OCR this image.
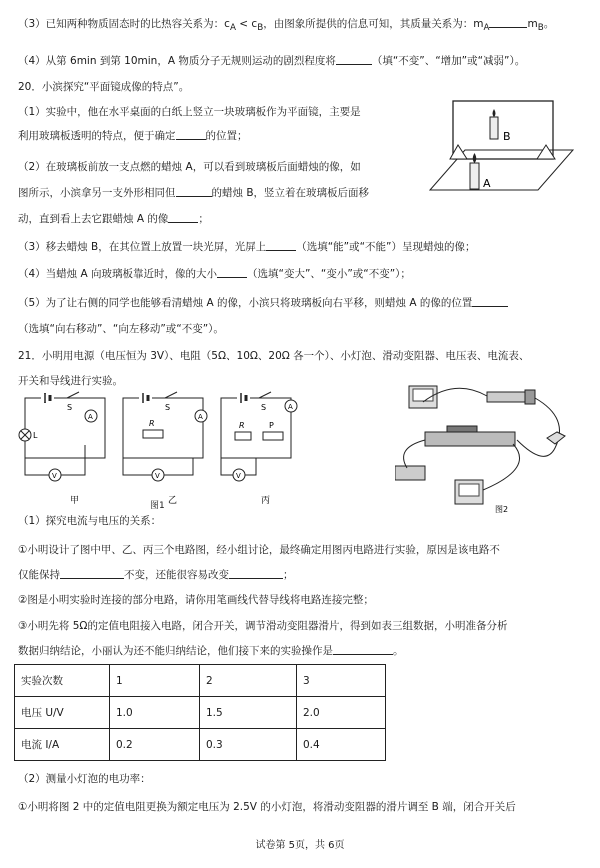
（3）已知两种物质固态时的比热容关系为：$c_A < c_B$，由图象所提供的信息可知，其质量关系为：$m_A$	$m_B$。
（4）从第 6min 到第 10min，A 物质分子无规则运动的剧烈程度将	（填“不变”、“增加”或“减弱”）。
20．小滨探究“平面镜成像的特点”。
（1）实验中，他在水平桌面的白纸上竖立一块玻璃板作为平面镜，主要是
利用玻璃板透明的特点，便于确定	的位置；
（2）在玻璃板前放一支点燃的蜡烛 A，可以看到玻璃板后面蜡烛的像，如
图所示，小滨拿另一支外形相同但	的蜡烛 B，竖立着在玻璃板后面移
动，直到看上去它跟蜡烛 A 的像	；
（3）移去蜡烛 B，在其位置上放置一块光屏，光屏上	（选填“能”或“不能”）呈现蜡烛的像；
（4）当蜡烛 A 向玻璃板靠近时，像的大小	（选填“变大”、“变小”或“不变”）；
（5）为了让右侧的同学也能够看清蜡烛 A 的像，小滨只将玻璃板向右平移，则蜡烛 A 的像的位置
（选填“向右移动”、“向左移动”或“不变”）。
21．小明用电源（电压恒为 3V）、电阻（5Ω、10Ω、20Ω 各一个）、小灯泡、滑动变阻器、电压表、电流表、
开关和导线进行实验。
B
A
S
A
L
V
S
A
R
V
S	A
R	P
V
甲	乙	丙
图1	图2
（1）探究电流与电压的关系：
①小明设计了图中甲、乙、丙三个电路图，经小组讨论，最终确定用图丙电路进行实验，原因是该电路不
仅能保持	不变，还能很容易改变	；
②图是小明实验时连接的部分电路，请你用笔画线代替导线将电路连接完整；
③小明先将 5Ω的定值电阻接入电路，闭合开关，调节滑动变阻器滑片，得到如表三组数据，小明准备分析
数据归纳结论，小丽认为还不能归纳结论，他们接下来的实验操作是	。
实验次数	1	2	3
电压 U/V	1.0	1.5	2.0
电流 I/A	0.2	0.3	0.4
（2）测量小灯泡的电功率：
①小明将图 2 中的定值电阻更换为额定电压为 2.5V 的小灯泡，将滑动变阻器的滑片调至 B 端，闭合开关后
试卷第 5页，共 6页
